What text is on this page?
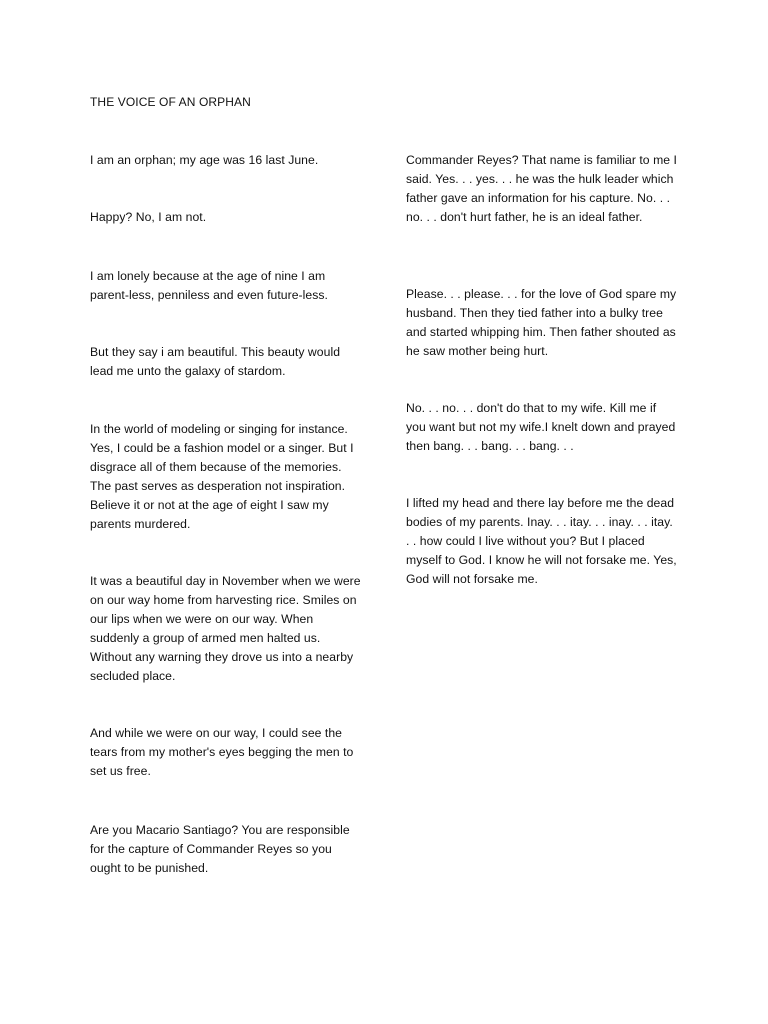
THE VOICE OF AN ORPHAN

I am an orphan; my age was 16 last June.

Happy? No, I am not.

I am lonely because at the age of nine I am parent-less, penniless and even future-less.

But they say i am beautiful. This beauty would lead me unto the galaxy of stardom.

In the world of modeling or singing for instance. Yes, I could be a fashion model or a singer. But I disgrace all of them because of the memories. The past serves as desperation not inspiration. Believe it or not at the age of eight I saw my parents murdered.

It was a beautiful day in November when we were on our way home from harvesting rice. Smiles on our lips when we were on our way. When suddenly a group of armed men halted us. Without any warning they drove us into a nearby secluded place.

And while we were on our way, I could see the tears from my mother's eyes begging the men to set us free.

Are you Macario Santiago? You are responsible for the capture of Commander Reyes so you ought to be punished.

Commander Reyes? That name is familiar to me I said. Yes. . . yes. . . he was the hulk leader which father gave an information for his capture. No. . . no. . . don't hurt father, he is an ideal father.

Please. . . please. . . for the love of God spare my husband. Then they tied father into a bulky tree and started whipping him. Then father shouted as he saw mother being hurt.

No. . . no. . . don't do that to my wife. Kill me if you want but not my wife.I knelt down and prayed then bang. . . bang. . . bang. . .

I lifted my head and there lay before me the dead bodies of my parents. Inay. . . itay. . . inay. . . itay. . . how could I live without you? But I placed myself to God. I know he will not forsake me. Yes, God will not forsake me.
